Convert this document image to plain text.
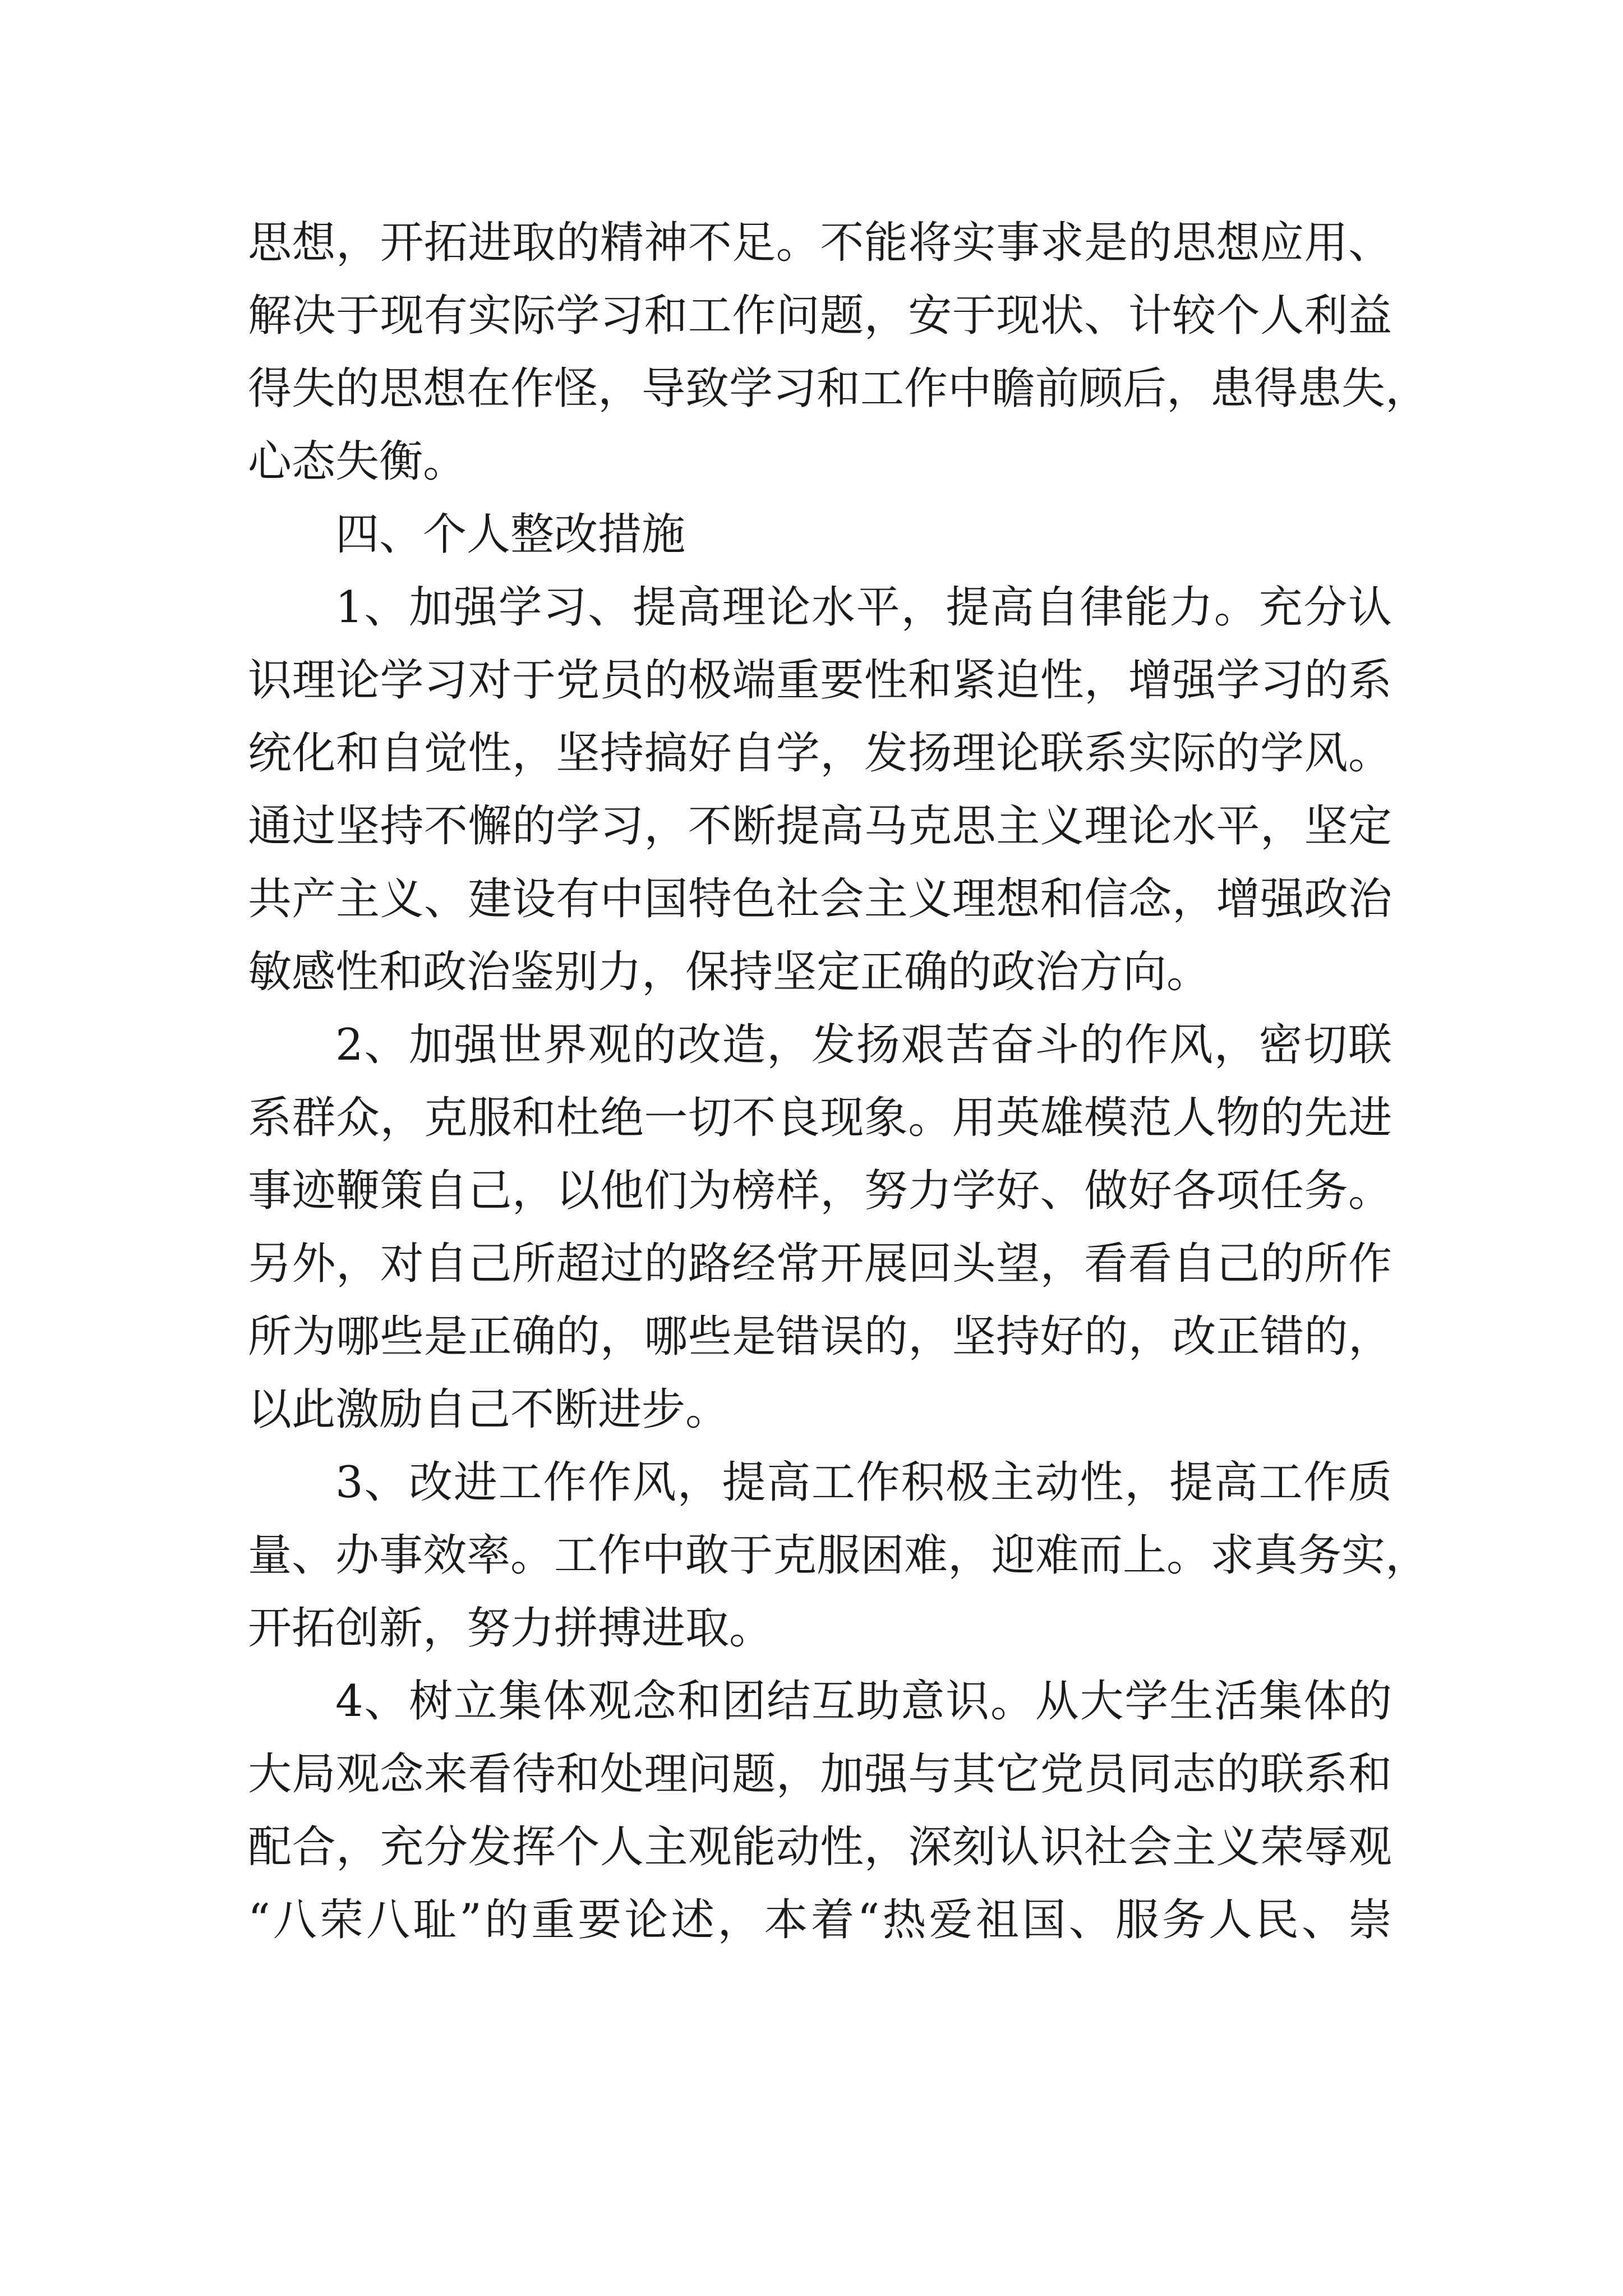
思想，开拓进取的精神不足。不能将实事求是的思想应用、
解决于现有实际学习和工作问题，安于现状、计较个人利益
得失的思想在作怪，导致学习和工作中瞻前顾后，患得患失，
心态失衡。
四、个人整改措施
1、加强学习、提高理论水平，提高自律能力。充分认
识理论学习对于党员的极端重要性和紧迫性，增强学习的系
统化和自觉性，坚持搞好自学，发扬理论联系实际的学风。
通过坚持不懈的学习，不断提高马克思主义理论水平，坚定
共产主义、建设有中国特色社会主义理想和信念，增强政治
敏感性和政治鉴别力，保持坚定正确的政治方向。
2、加强世界观的改造，发扬艰苦奋斗的作风，密切联
系群众，克服和杜绝一切不良现象。用英雄模范人物的先进
事迹鞭策自己，以他们为榜样，努力学好、做好各项任务。
另外，对自己所超过的路经常开展回头望，看看自己的所作
所为哪些是正确的，哪些是错误的，坚持好的，改正错的，
以此激励自己不断进步。
3、改进工作作风，提高工作积极主动性，提高工作质
量、办事效率。工作中敢于克服困难，迎难而上。求真务实，
开拓创新，努力拼搏进取。
4、树立集体观念和团结互助意识。从大学生活集体的
大局观念来看待和处理问题，加强与其它党员同志的联系和
配合，充分发挥个人主观能动性，深刻认识社会主义荣辱观
“八荣八耻”的重要论述，本着“热爱祖国、服务人民、崇
